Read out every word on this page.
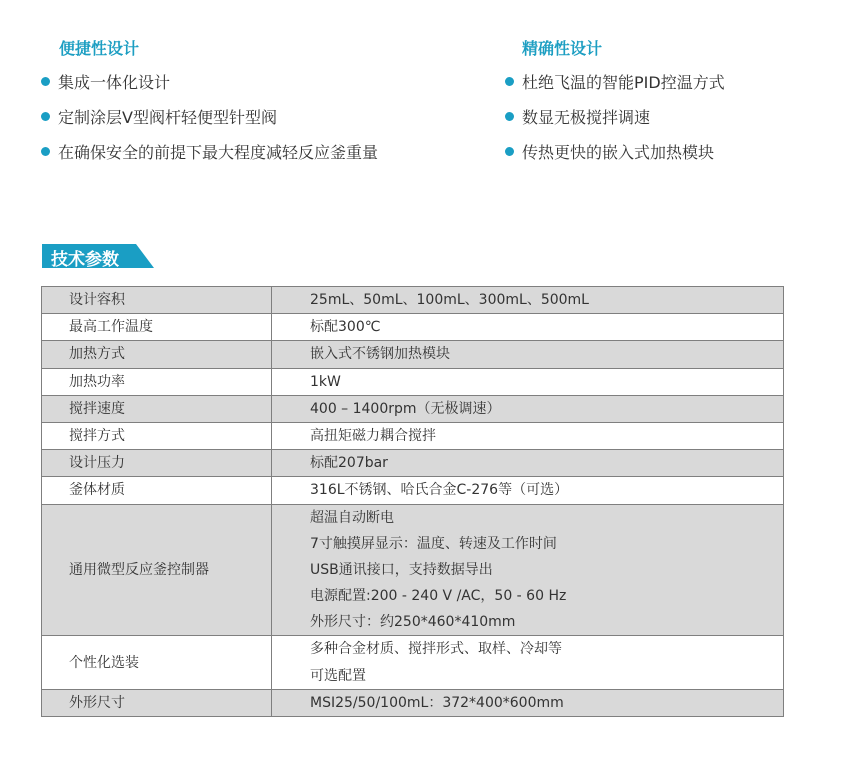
便捷性设计
集成一体化设计
定制涂层V型阀杆轻便型针型阀
在确保安全的前提下最大程度减轻反应釜重量
精确性设计
杜绝飞温的智能PID控温方式
数显无极搅拌调速
传热更快的嵌入式加热模块
技术参数
设计容积	25mL、50mL、100mL、300mL、500mL

最高工作温度	标配300℃

加热方式	嵌入式不锈钢加热模块

加热功率	1kW

搅拌速度	400 – 1400rpm（无极调速）

搅拌方式	高扭矩磁力耦合搅拌

设计压力	标配207bar

釜体材质	316L不锈钢、哈氏合金C-276等（可选）

通用微型反应釜控制器	超温自动断电
7寸触摸屏显示：温度、转速及工作时间
USB通讯接口，支持数据导出
电源配置:200 - 240 V /AC，50 - 60 Hz
外形尺寸：约250*460*410mm

个性化选装	多种合金材质、搅拌形式、取样、冷却等
可选配置

外形尺寸	MSI25/50/100mL：372*400*600mm
